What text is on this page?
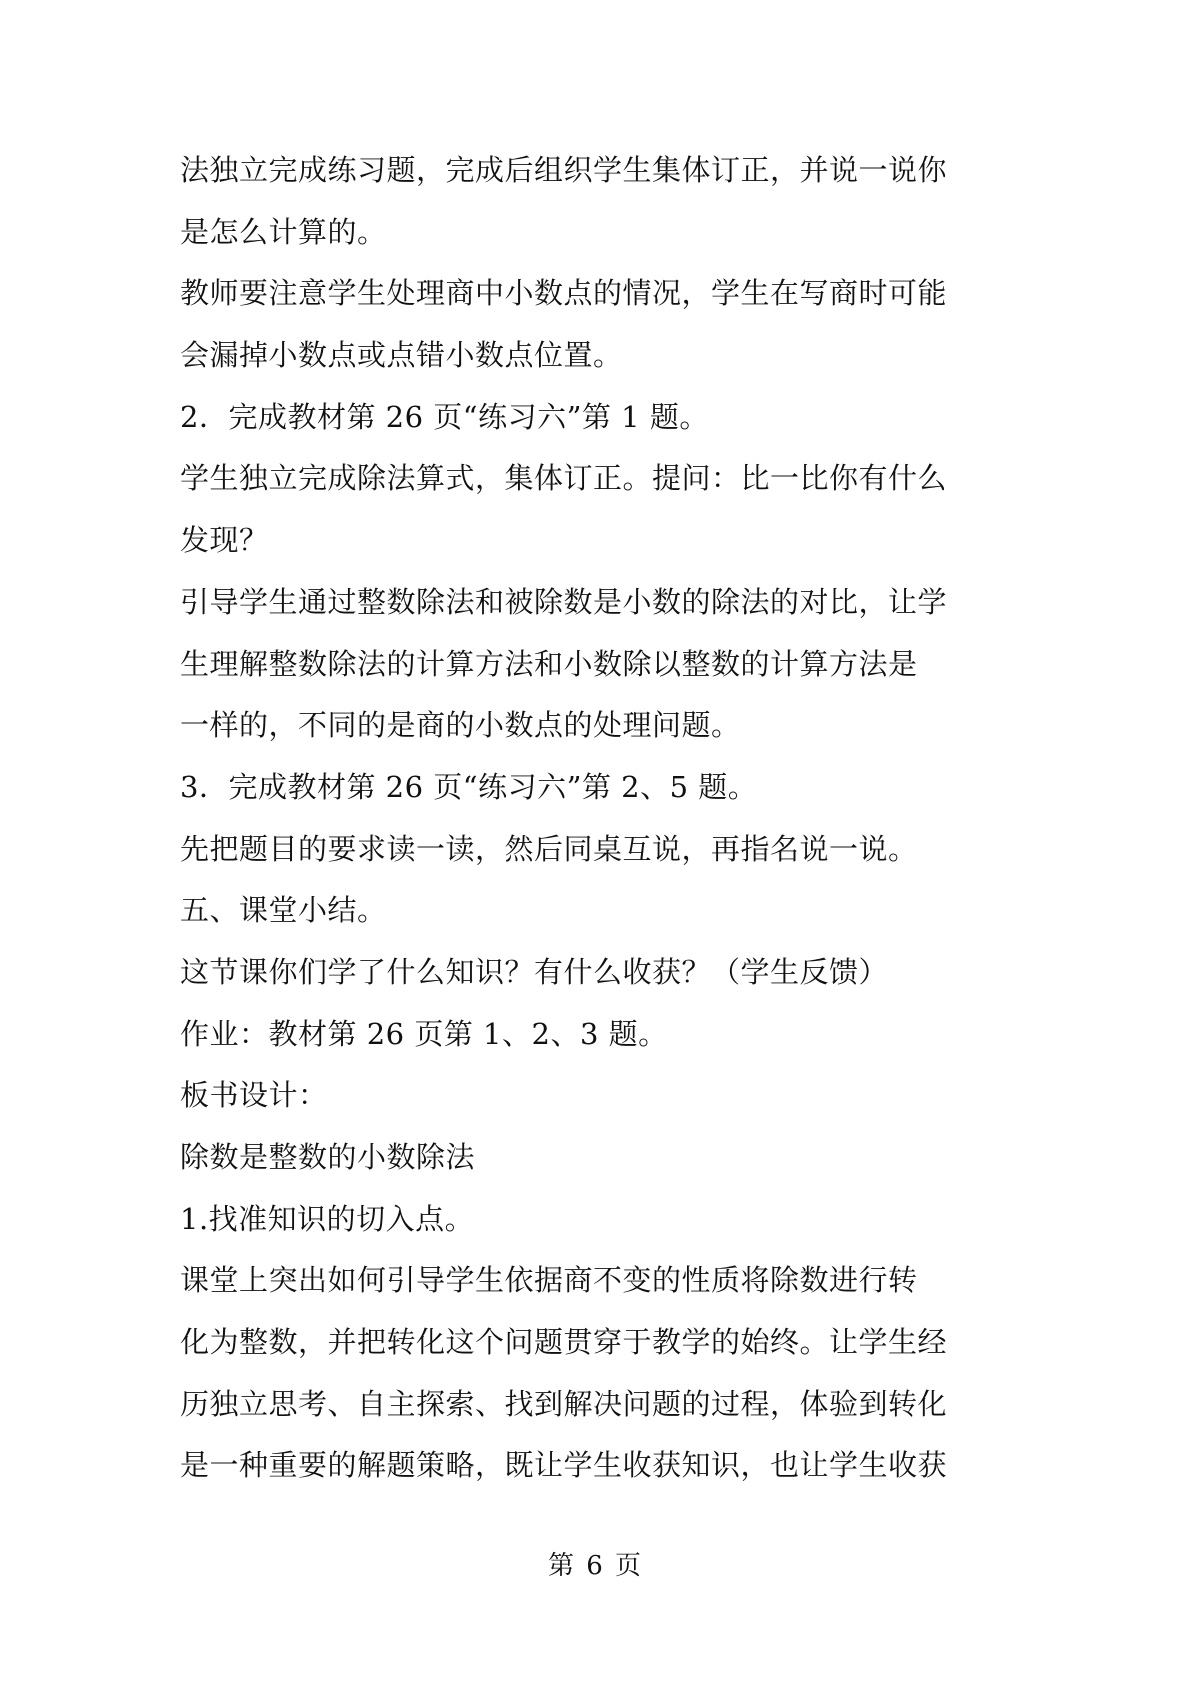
法独立完成练习题，完成后组织学生集体订正，并说一说你
是怎么计算的。
教师要注意学生处理商中小数点的情况，学生在写商时可能
会漏掉小数点或点错小数点位置。
2．完成教材第 26 页“练习六”第 1 题。
学生独立完成除法算式，集体订正。提问：比一比你有什么
发现？
引导学生通过整数除法和被除数是小数的除法的对比，让学
生理解整数除法的计算方法和小数除以整数的计算方法是
一样的，不同的是商的小数点的处理问题。
3．完成教材第 26 页“练习六”第 2、5 题。
先把题目的要求读一读，然后同桌互说，再指名说一说。
五、课堂小结。
这节课你们学了什么知识？有什么收获？（学生反馈）
作业：教材第 26 页第 1、2、3 题。
板书设计：
除数是整数的小数除法
1.找准知识的切入点。
课堂上突出如何引导学生依据商不变的性质将除数进行转
化为整数，并把转化这个问题贯穿于教学的始终。让学生经
历独立思考、自主探索、找到解决问题的过程，体验到转化
是一种重要的解题策略，既让学生收获知识，也让学生收获
第 6 页
